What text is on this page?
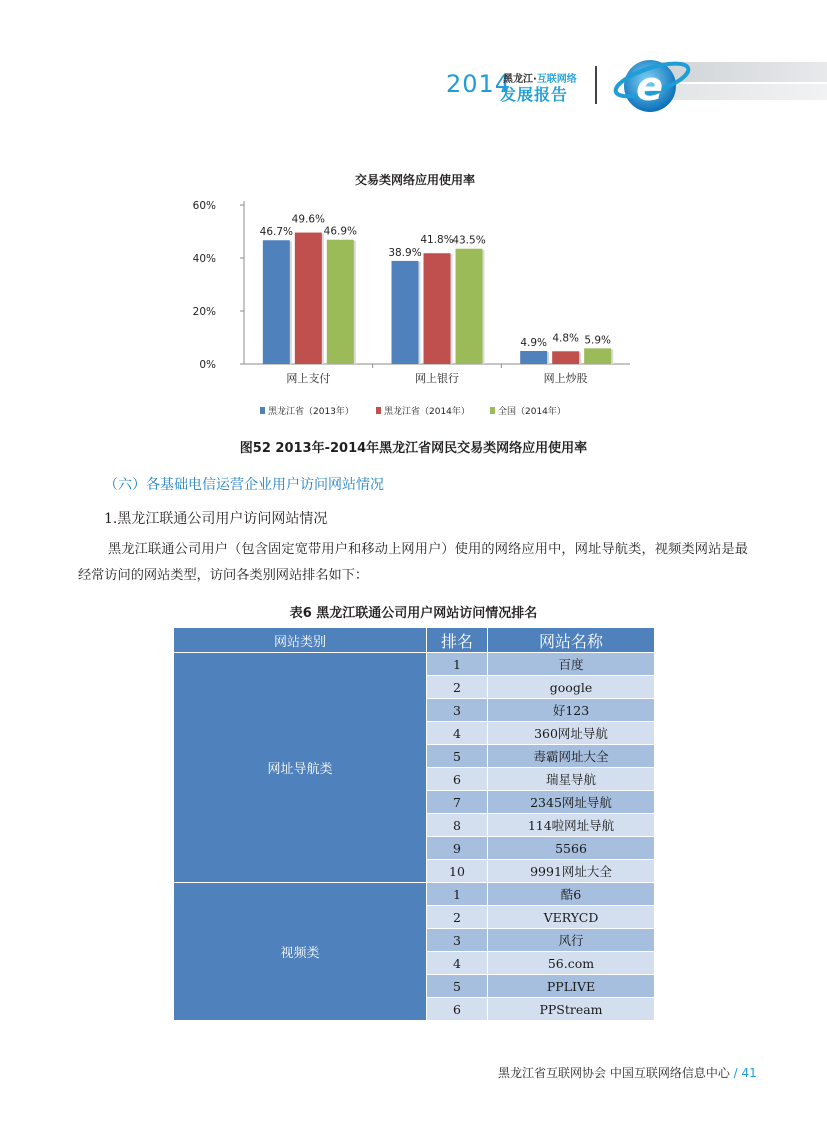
2014
黑龙江·互联网络
发展报告 e
交易类网络应用使用率
0%
20%
40%
60%
46.7%
49.6%
46.9%
网上支付
38.9%
41.8%
43.5%
网上银行
4.9% 4.8% 5.9%
网上炒股
黑龙江省（2013年）	黑龙江省（2014年）	全国（2014年）
图52 2013年-2014年黑龙江省网民交易类网络应用使用率
（六）各基础电信运营企业用户访问网站情况
1.黑龙江联通公司用户访问网站情况
黑龙江联通公司用户（包含固定宽带用户和移动上网用户）使用的网络应用中，网址导航类，视频类网站是最经常访问的网站类型，访问各类别网站排名如下：
表6 黑龙江联通公司用户网站访问情况排名
网站类别	排名	网站名称
网址导航类	1	百度
	2	google
	3	好123
	4	360网址导航
	5	毒霸网址大全
	6	瑞星导航
	7	2345网址导航
	8	114啦网址导航
	9	5566
	10	9991网址大全
视频类	1	酷6
	2	VERYCD
	3	风行
	4	56.com
	5	PPLIVE
	6	PPStream
黑龙江省互联网协会 中国互联网络信息中心 / 41
